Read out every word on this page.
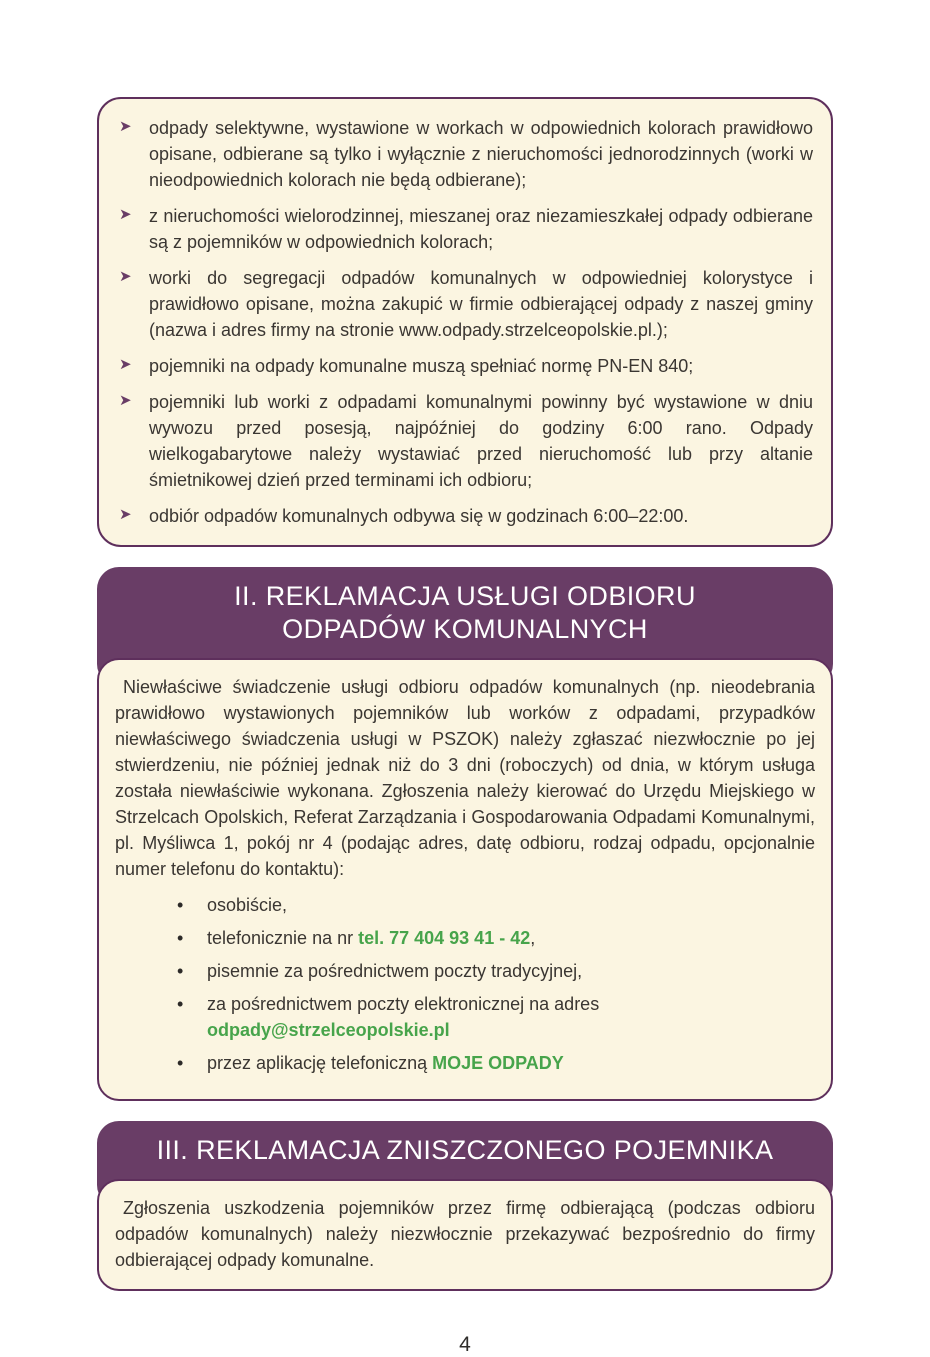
➤ odpady selektywne, wystawione w workach w odpowiednich kolorach prawidłowo opisane, odbierane są tylko i wyłącznie z nieruchomości jednorodzinnych (worki w nieodpowiednich kolorach nie będą odbierane);
➤ z nieruchomości wielorodzinnej, mieszanej oraz niezamieszkałej odpady odbierane są z pojemników w odpowiednich kolorach;
➤ worki do segregacji odpadów komunalnych w odpowiedniej kolorystyce i prawidłowo opisane, można zakupić w firmie odbierającej odpady z naszej gminy (nazwa i adres firmy na stronie www.odpady.strzelceopolskie.pl.);
➤ pojemniki na odpady komunalne muszą spełniać normę PN-EN 840;
➤ pojemniki lub worki z odpadami komunalnymi powinny być wystawione w dniu wywozu przed posesją, najpóźniej do godziny 6:00 rano. Odpady wielkogabarytowe należy wystawiać przed nieruchomość lub przy altanie śmietnikowej dzień przed terminami ich odbioru;
➤ odbiór odpadów komunalnych odbywa się w godzinach 6:00–22:00.
II. REKLAMACJA USŁUGI ODBIORU
ODPADÓW KOMUNALNYCH

Niewłaściwe świadczenie usługi odbioru odpadów komunalnych (np. nieodebrania prawidłowo wystawionych pojemników lub worków z odpadami, przypadków niewłaściwego świadczenia usługi w PSZOK) należy zgłaszać niezwłocznie po jej stwierdzeniu, nie później jednak niż do 3 dni (roboczych) od dnia, w którym usługa została niewłaściwie wykonana. Zgłoszenia należy kierować do Urzędu Miejskiego w Strzelcach Opolskich, Referat Zarządzania i Gospodarowania Odpadami Komunalnymi, pl. Myśliwca 1, pokój nr 4 (podając adres, datę odbioru, rodzaj odpadu, opcjonalnie numer telefonu do kontaktu):

• osobiście,
• telefonicznie na nr tel. 77 404 93 41 - 42,
• pisemnie za pośrednictwem poczty tradycyjnej,
• za pośrednictwem poczty elektronicznej na adres
odpady@strzelceopolskie.pl
• przez aplikację telefoniczną MOJE ODPADY
III. REKLAMACJA ZNISZCZONEGO POJEMNIKA

Zgłoszenia uszkodzenia pojemników przez firmę odbierającą (podczas odbioru odpadów komunalnych) należy niezwłocznie przekazywać bezpośrednio do firmy odbierającej odpady komunalne.

4
